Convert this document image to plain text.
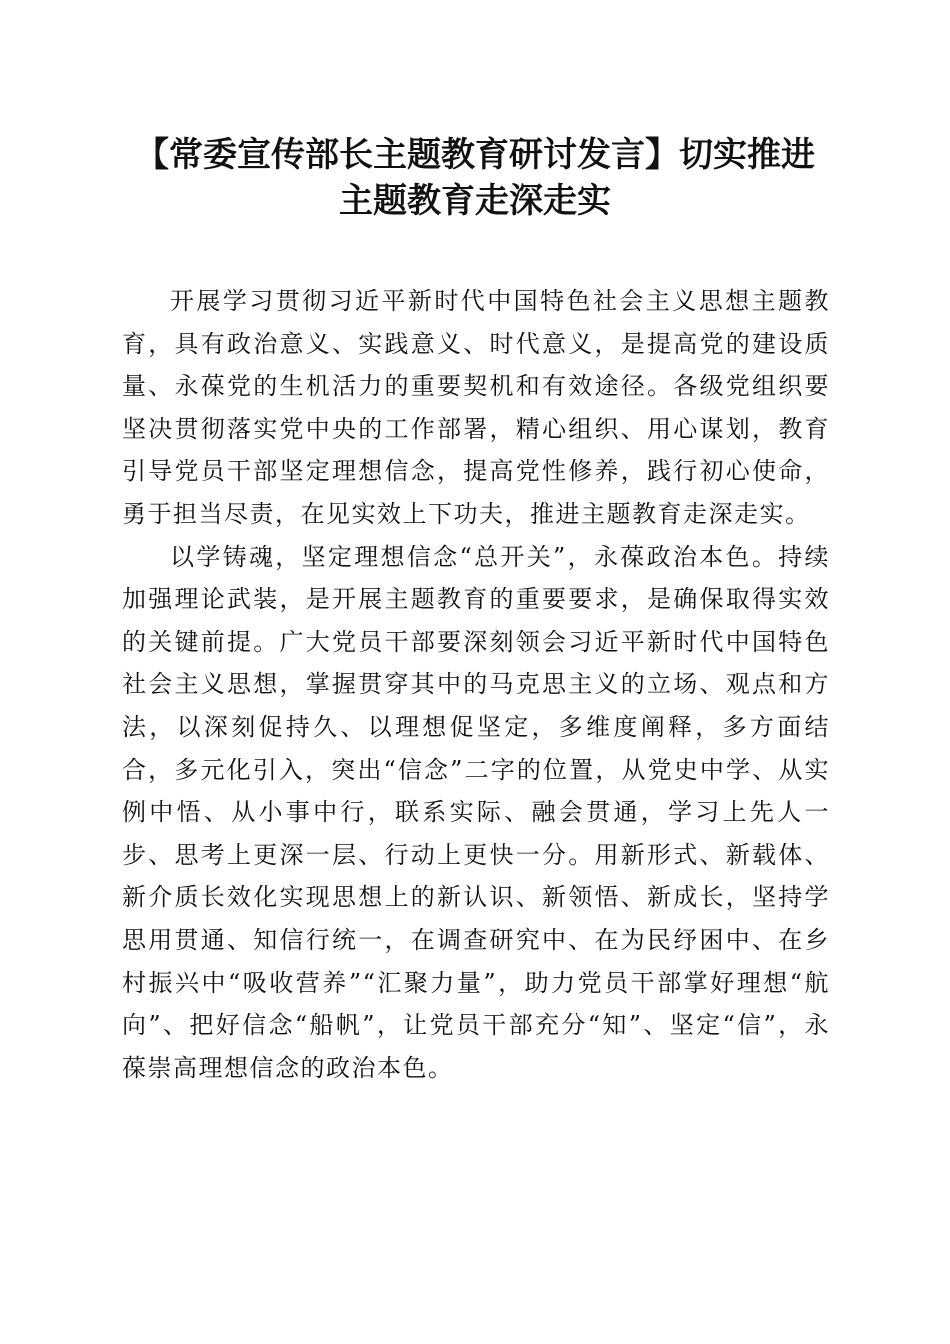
【常委宣传部长主题教育研讨发言】切实推进
主题教育走深走实

开展学习贯彻习近平新时代中国特色社会主义思想主题教育，具有政治意义、实践意义、时代意义，是提高党的建设质量、永葆党的生机活力的重要契机和有效途径。各级党组织要坚决贯彻落实党中央的工作部署，精心组织、用心谋划，教育引导党员干部坚定理想信念，提高党性修养，践行初心使命，勇于担当尽责，在见实效上下功夫，推进主题教育走深走实。

以学铸魂，坚定理想信念“总开关”，永葆政治本色。持续加强理论武装，是开展主题教育的重要要求，是确保取得实效的关键前提。广大党员干部要深刻领会习近平新时代中国特色社会主义思想，掌握贯穿其中的马克思主义的立场、观点和方法，以深刻促持久、以理想促坚定，多维度阐释，多方面结合，多元化引入，突出“信念”二字的位置，从党史中学、从实例中悟、从小事中行，联系实际、融会贯通，学习上先人一步、思考上更深一层、行动上更快一分。用新形式、新载体、新介质长效化实现思想上的新认识、新领悟、新成长，坚持学思用贯通、知信行统一，在调查研究中、在为民纾困中、在乡村振兴中“吸收营养”“汇聚力量”，助力党员干部掌好理想“航向”、把好信念“船帆”，让党员干部充分“知”、坚定“信”，永葆崇高理想信念的政治本色。
